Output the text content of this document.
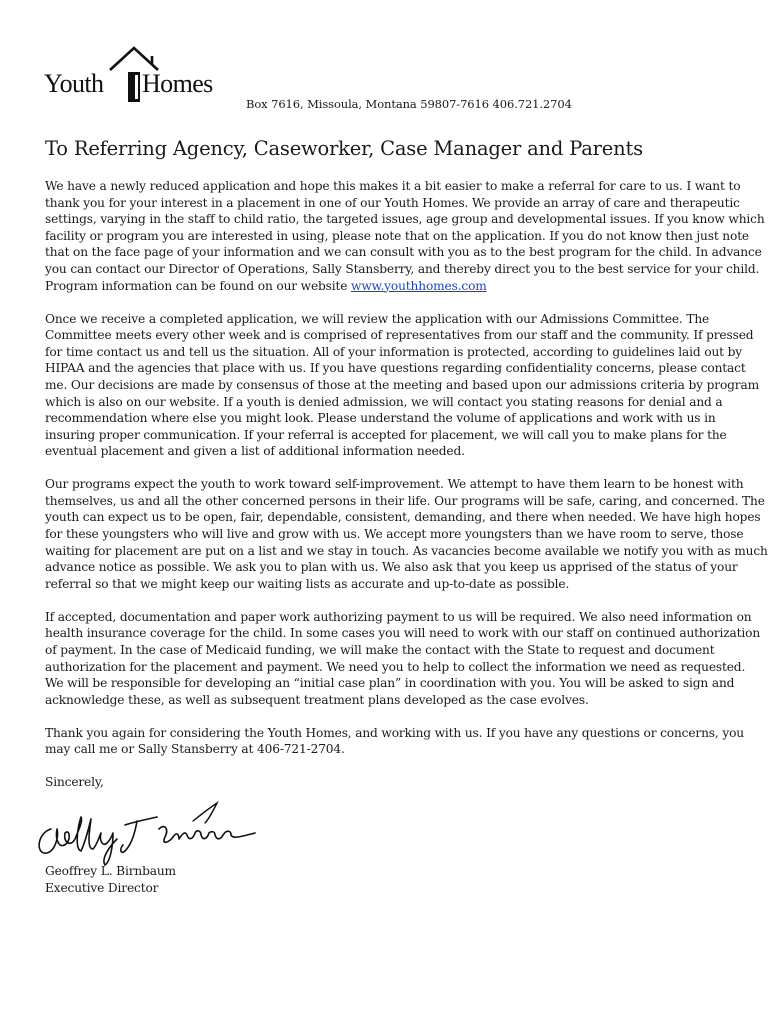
Youth Homes
Box 7616, Missoula, Montana 59807-7616 406.721.2704
To Referring Agency, Caseworker, Case Manager and Parents

We have a newly reduced application and hope this makes it a bit easier to make a referral for care to us. I want to
thank you for your interest in a placement in one of our Youth Homes. We provide an array of care and therapeutic
settings, varying in the staff to child ratio, the targeted issues, age group and developmental issues. If you know which
facility or program you are interested in using, please note that on the application. If you do not know then just note
that on the face page of your information and we can consult with you as to the best program for the child. In advance
you can contact our Director of Operations, Sally Stansberry, and thereby direct you to the best service for your child.
Program information can be found on our website www.youthhomes.com

Once we receive a completed application, we will review the application with our Admissions Committee. The
Committee meets every other week and is comprised of representatives from our staff and the community. If pressed
for time contact us and tell us the situation. All of your information is protected, according to guidelines laid out by
HIPAA and the agencies that place with us. If you have questions regarding confidentiality concerns, please contact
me. Our decisions are made by consensus of those at the meeting and based upon our admissions criteria by program
which is also on our website. If a youth is denied admission, we will contact you stating reasons for denial and a
recommendation where else you might look. Please understand the volume of applications and work with us in
insuring proper communication. If your referral is accepted for placement, we will call you to make plans for the
eventual placement and given a list of additional information needed.

Our programs expect the youth to work toward self-improvement. We attempt to have them learn to be honest with
themselves, us and all the other concerned persons in their life. Our programs will be safe, caring, and concerned. The
youth can expect us to be open, fair, dependable, consistent, demanding, and there when needed. We have high hopes
for these youngsters who will live and grow with us. We accept more youngsters than we have room to serve, those
waiting for placement are put on a list and we stay in touch. As vacancies become available we notify you with as much
advance notice as possible. We ask you to plan with us. We also ask that you keep us apprised of the status of your
referral so that we might keep our waiting lists as accurate and up-to-date as possible.

If accepted, documentation and paper work authorizing payment to us will be required. We also need information on
health insurance coverage for the child. In some cases you will need to work with our staff on continued authorization
of payment. In the case of Medicaid funding, we will make the contact with the State to request and document
authorization for the placement and payment. We need you to help to collect the information we need as requested.
We will be responsible for developing an “initial case plan” in coordination with you. You will be asked to sign and
acknowledge these, as well as subsequent treatment plans developed as the case evolves.

Thank you again for considering the Youth Homes, and working with us. If you have any questions or concerns, you
may call me or Sally Stansberry at 406-721-2704.

Sincerely,

Geoffrey L. Birnbaum
Executive Director
